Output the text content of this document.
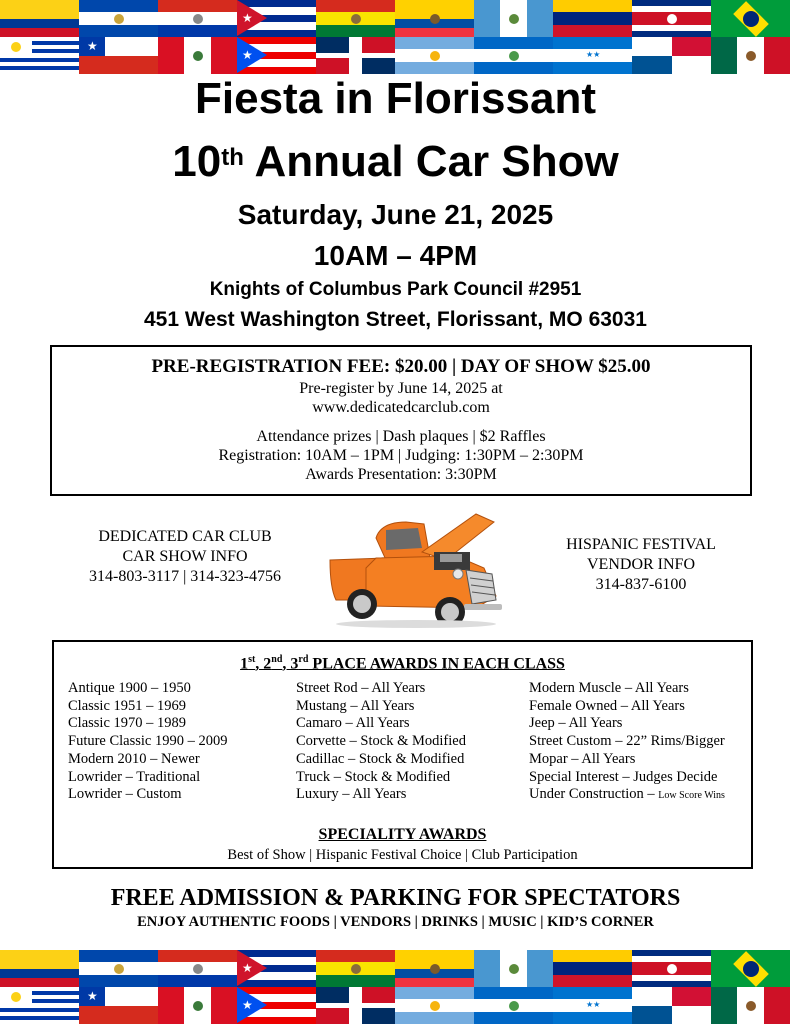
★
★
★	★★
Fiesta in Florissant
10th Annual Car Show
Saturday, June 21, 2025
10AM – 4PM
Knights of Columbus Park Council #2951
451 West Washington Street, Florissant, MO 63031
PRE-REGISTRATION FEE: $20.00 | DAY OF SHOW $25.00
Pre-register by June 14, 2025 at
www.dedicatedcarclub.com
Attendance prizes | Dash plaques | $2 Raffles
Registration: 10AM – 1PM | Judging: 1:30PM – 2:30PM
Awards Presentation: 3:30PM
DEDICATED CAR CLUB
CAR SHOW INFO
314-803-3117 | 314-323-4756
HISPANIC FESTIVAL
VENDOR INFO
314-837-6100
1st, 2nd, 3rd PLACE AWARDS IN EACH CLASS
Antique 1900 – 1950
Classic 1951 – 1969
Classic 1970 – 1989
Future Classic 1990 – 2009
Modern 2010 – Newer
Lowrider – Traditional
Lowrider – Custom
Street Rod – All Years
Mustang – All Years
Camaro – All Years
Corvette – Stock & Modified
Cadillac – Stock & Modified
Truck – Stock & Modified
Luxury – All Years
Modern Muscle – All Years
Female Owned – All Years
Jeep – All Years
Street Custom – 22” Rims/Bigger
Mopar – All Years
Special Interest – Judges Decide
Under Construction – Low Score Wins
SPECIALITY AWARDS
Best of Show | Hispanic Festival Choice | Club Participation
FREE ADMISSION & PARKING FOR SPECTATORS
ENJOY AUTHENTIC FOODS | VENDORS | DRINKS | MUSIC | KID’S CORNER
★
★
★	★★
